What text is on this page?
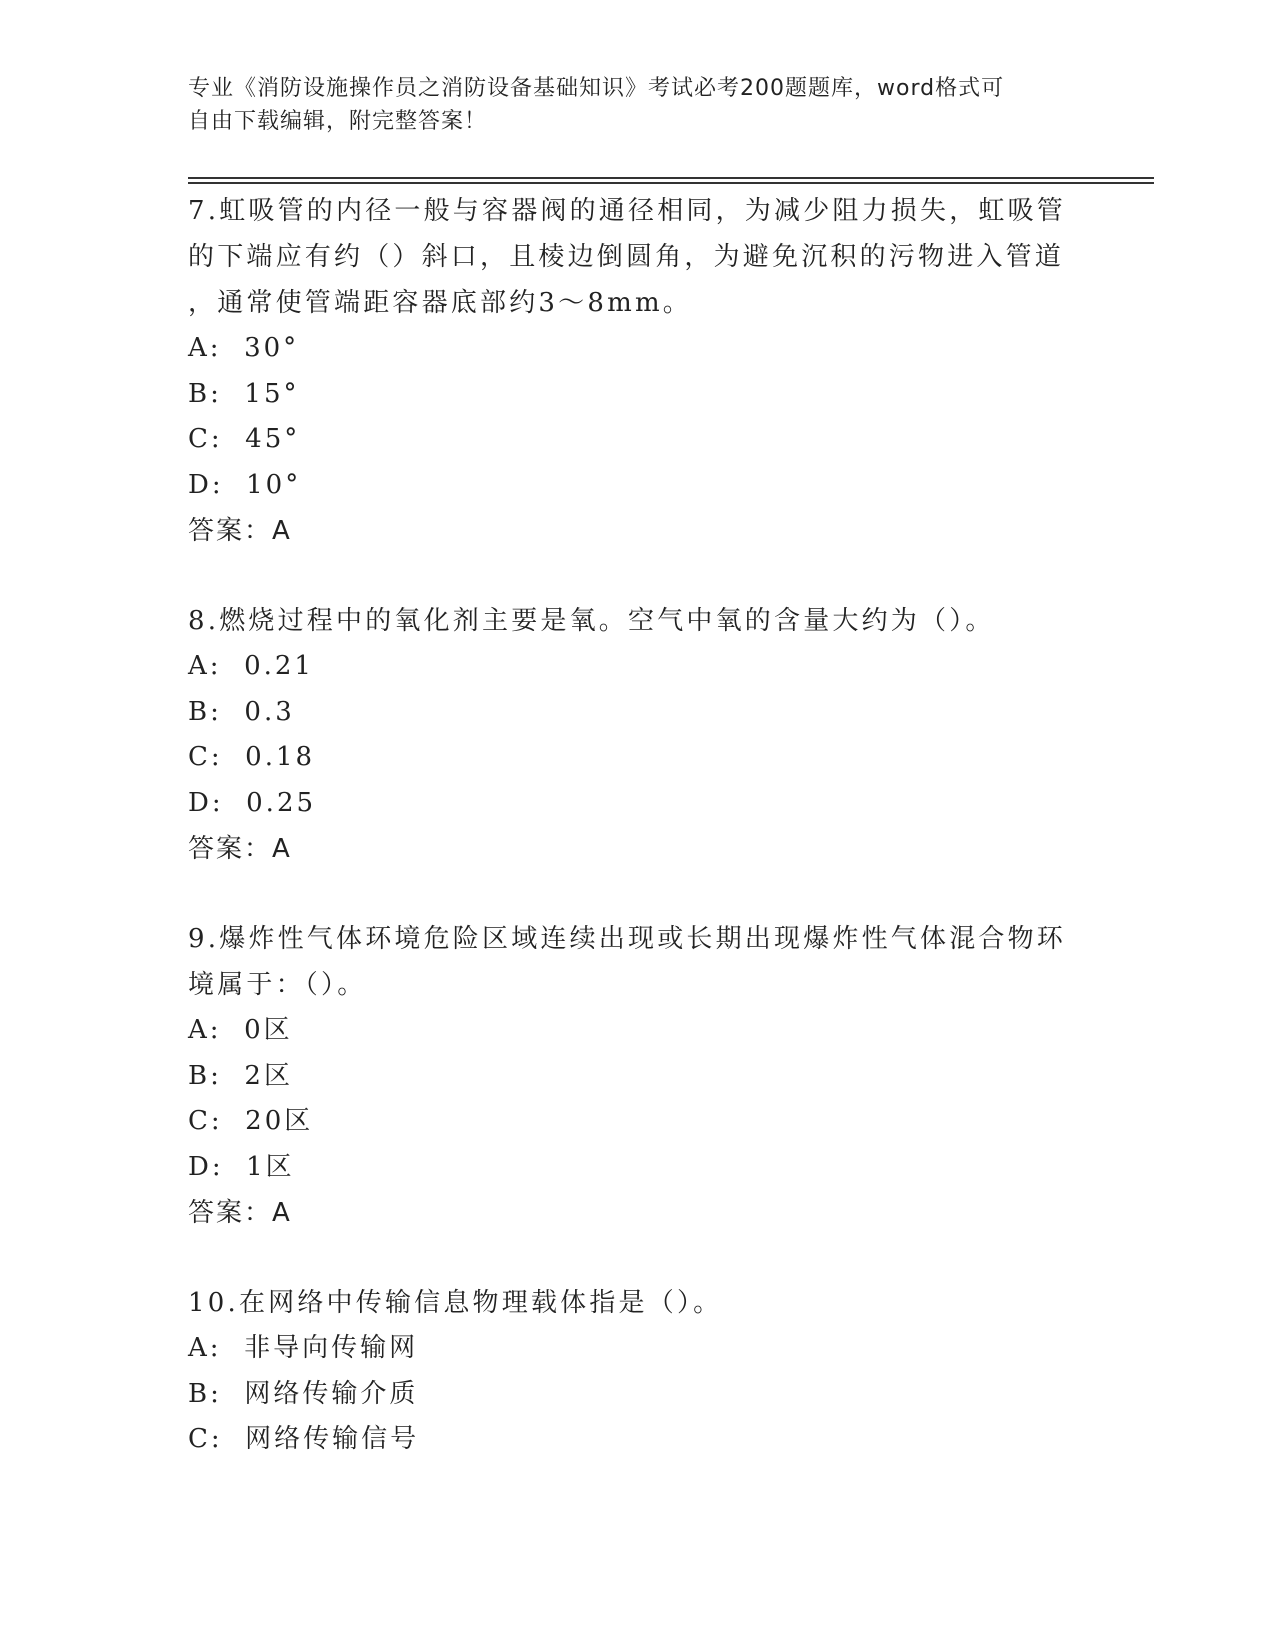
专业《消防设施操作员之消防设备基础知识》考试必考200题题库，word格式可
自由下载编辑，附完整答案！
7.虹吸管的内径一般与容器阀的通径相同，为减少阻力损失，虹吸管
的下端应有约（）斜口，且棱边倒圆角，为避免沉积的污物进入管道
，通常使管端距容器底部约3～8mm。
A:  30°
B:  15°
C:  45°
D:  10°
答案：A
8.燃烧过程中的氧化剂主要是氧。空气中氧的含量大约为（）。
A:  0.21
B:  0.3
C:  0.18
D:  0.25
答案：A
9.爆炸性气体环境危险区域连续出现或长期出现爆炸性气体混合物环
境属于：（）。
A:  0区
B:  2区
C:  20区
D:  1区
答案：A
10.在网络中传输信息物理载体指是（）。
A:  非导向传输网
B:  网络传输介质
C:  网络传输信号
